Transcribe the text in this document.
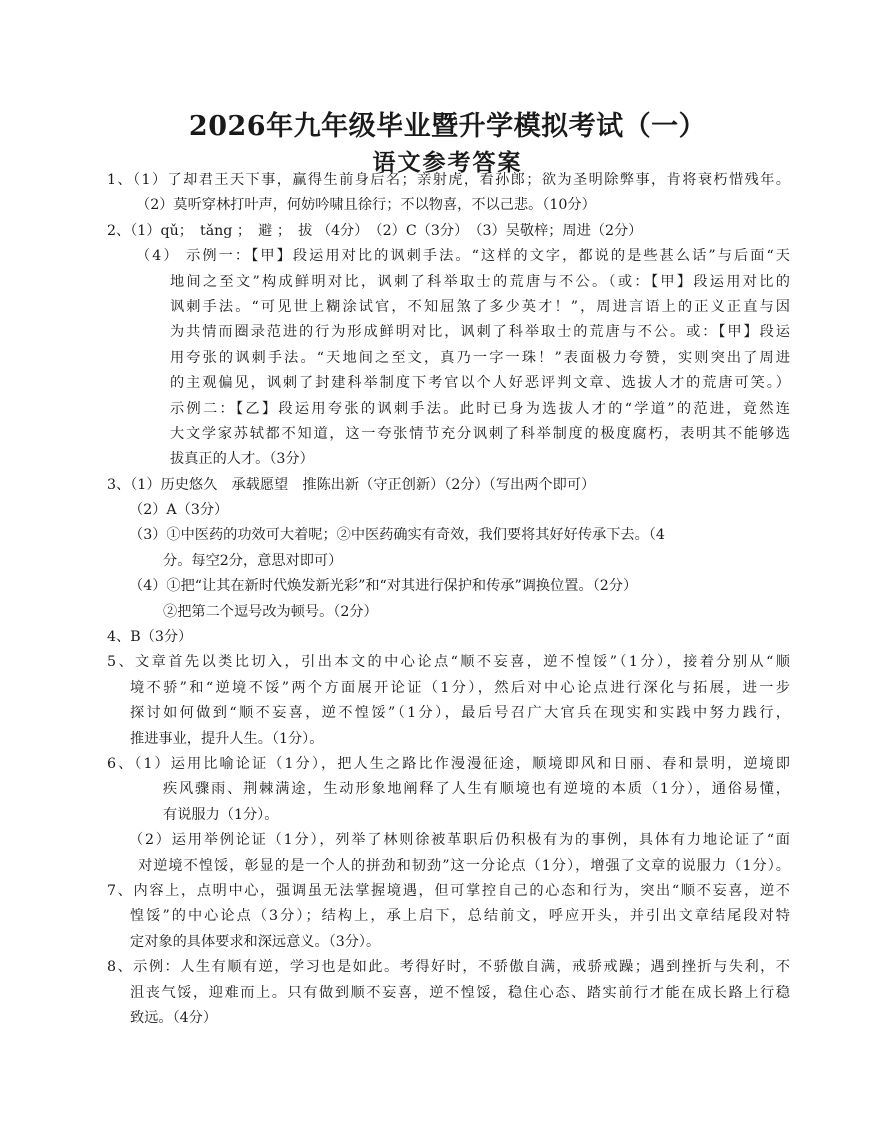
2026年九年级毕业暨升学模拟考试（一）
语文参考答案
1、（1）了却君王天下事，赢得生前身后名；亲射虎，看孙郎；欲为圣明除弊事，肯将衰朽惜残年。
（2）莫听穿林打叶声，何妨吟啸且徐行；不以物喜，不以己悲。（10分）
2、（1）qǔ；　tǎng ；　避 ；　拔 （4分）　（2）C（3分）　（3）吴敬梓；周进（2分）
（4） 示例一：【甲】段运用对比的讽刺手法。“这样的文字，都说的是些甚么话”与后面“天
地间之至文”构成鲜明对比，讽刺了科举取士的荒唐与不公。（或：【甲】段运用对比的
讽刺手法。“可见世上糊涂试官，不知屈煞了多少英才！”，周进言语上的正义正直与因
为共情而圈录范进的行为形成鲜明对比，讽刺了科举取士的荒唐与不公。或：【甲】段运
用夸张的讽刺手法。“天地间之至文，真乃一字一珠！”表面极力夸赞，实则突出了周进
的主观偏见，讽刺了封建科举制度下考官以个人好恶评判文章、选拔人才的荒唐可笑。）
示例二：【乙】段运用夸张的讽刺手法。此时已身为选拔人才的“学道”的范进，竟然连
大文学家苏轼都不知道，这一夸张情节充分讽刺了科举制度的极度腐朽，表明其不能够选
拔真正的人才。（3分）
3、（1）历史悠久　承载愿望　推陈出新（守正创新）（2分）（写出两个即可）
（2）A（3分）
（3）①中医药的功效可大着呢；②中医药确实有奇效，我们要将其好好传承下去。（4
分。每空2分，意思对即可）
（4）①把“让其在新时代焕发新光彩”和“对其进行保护和传承”调换位置。（2分）
②把第二个逗号改为顿号。（2分）
4、B（3分）
5、文章首先以类比切入，引出本文的中心论点“顺不妄喜，逆不惶馁”（1分），接着分别从“顺
境不骄”和“逆境不馁”两个方面展开论证（1分），然后对中心论点进行深化与拓展，进一步
探讨如何做到“顺不妄喜，逆不惶馁”（1分），最后号召广大官兵在现实和实践中努力践行，
推进事业，提升人生。（1分）。
6、（1）运用比喻论证（1分），把人生之路比作漫漫征途，顺境即风和日丽、春和景明，逆境即
疾风骤雨、荆棘满途，生动形象地阐释了人生有顺境也有逆境的本质（1分），通俗易懂，
有说服力（1分）。
（2）运用举例论证（1分），列举了林则徐被革职后仍积极有为的事例，具体有力地论证了“面
对逆境不惶馁，彰显的是一个人的拼劲和韧劲”这一分论点（1分），增强了文章的说服力（1分）。
7、内容上，点明中心，强调虽无法掌握境遇，但可掌控自己的心态和行为，突出“顺不妄喜，逆不
惶馁”的中心论点（3分）；结构上，承上启下，总结前文，呼应开头，并引出文章结尾段对特
定对象的具体要求和深远意义。（3分）。
8、示例：人生有顺有逆，学习也是如此。考得好时，不骄傲自满，戒骄戒躁；遇到挫折与失利，不
沮丧气馁，迎难而上。只有做到顺不妄喜，逆不惶馁，稳住心态、踏实前行才能在成长路上行稳
致远。（4分）
